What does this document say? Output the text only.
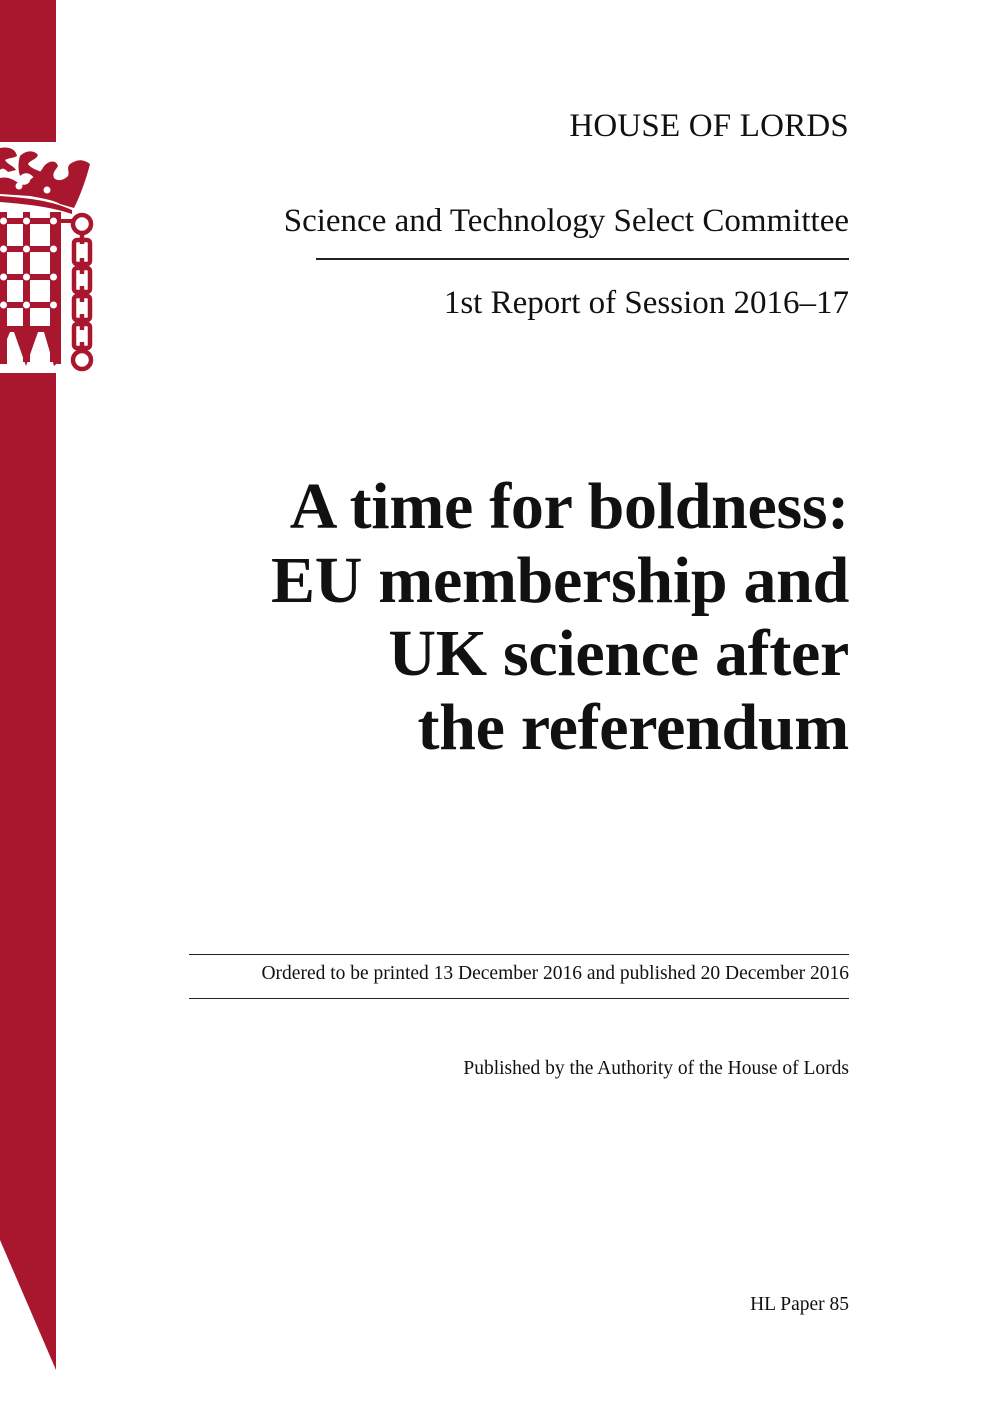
HOUSE OF LORDS
Science and Technology Select Committee
1st Report of Session 2016–17
A time for boldness:
EU membership and
UK science after
the referendum
Ordered to be printed 13 December 2016 and published 20 December 2016
Published by the Authority of the House of Lords
HL Paper 85
